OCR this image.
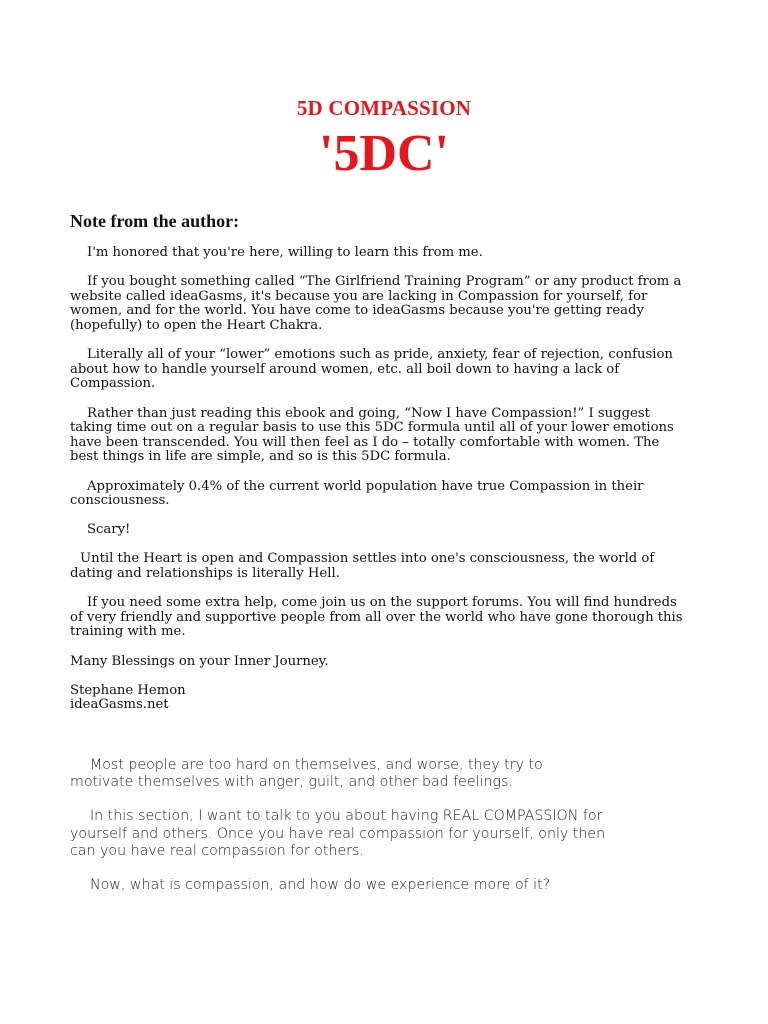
5D COMPASSION
'5DC'
Note from the author:

I'm honored that you're here, willing to learn this from me.

If you bought something called “The Girlfriend Training Program” or any product from a website called ideaGasms, it's because you are lacking in Compassion for yourself, for women, and for the world. You have come to ideaGasms because you're getting ready (hopefully) to open the Heart Chakra.

Literally all of your “lower” emotions such as pride, anxiety, fear of rejection, confusion about how to handle yourself around women, etc. all boil down to having a lack of Compassion.

Rather than just reading this ebook and going, “Now I have Compassion!” I suggest taking time out on a regular basis to use this 5DC formula until all of your lower emotions have been transcended. You will then feel as I do – totally comfortable with women. The best things in life are simple, and so is this 5DC formula.

Approximately 0.4% of the current world population have true Compassion in their consciousness.

Scary!

Until the Heart is open and Compassion settles into one's consciousness, the world of dating and relationships is literally Hell.

If you need some extra help, come join us on the support forums. You will find hundreds of very friendly and supportive people from all over the world who have gone thorough this training with me.

Many Blessings on your Inner Journey.

Stephane Hemon

ideaGasms.net

Most people are too hard on themselves, and worse, they try to motivate themselves with anger, guilt, and other bad feelings.

In this section, I want to talk to you about having REAL COMPASSION for yourself and others. Once you have real compassion for yourself, only then can you have real compassion for others.

Now, what is compassion, and how do we experience more of it?
